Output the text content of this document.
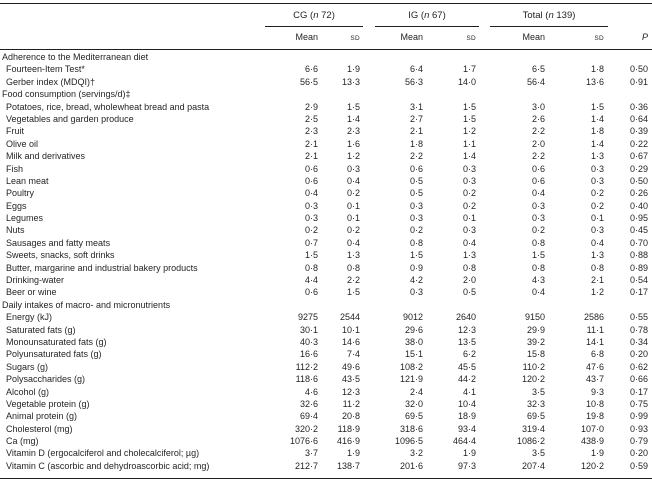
CG (n 72)	IG (n 67)	Total (n 139)
Mean	SD	Mean	SD	Mean	SD	P
Adherence to the Mediterranean diet
Fourteen-Item Test*	6·6	1·9	6·4	1·7	6·5	1·8	0·50
Gerber index (MDQI)†	56·5	13·3	56·3	14·0	56·4	13·6	0·91
Food consumption (servings/d)‡
Potatoes, rice, bread, wholewheat bread and pasta	2·9	1·5	3·1	1·5	3·0	1·5	0·36
Vegetables and garden produce	2·5	1·4	2·7	1·5	2·6	1·4	0·64
Fruit	2·3	2·3	2·1	1·2	2·2	1·8	0·39
Olive oil	2·1	1·6	1·8	1·1	2·0	1·4	0·22
Milk and derivatives	2·1	1·2	2·2	1·4	2·2	1·3	0·67
Fish	0·6	0·3	0·6	0·3	0·6	0·3	0·29
Lean meat	0·6	0·4	0·5	0·3	0·6	0·3	0·50
Poultry	0·4	0·2	0·5	0·2	0·4	0·2	0·26
Eggs	0·3	0·1	0·3	0·2	0·3	0·2	0·40
Legumes	0·3	0·1	0·3	0·1	0·3	0·1	0·95
Nuts	0·2	0·2	0·2	0·3	0·2	0·3	0·45
Sausages and fatty meats	0·7	0·4	0·8	0·4	0·8	0·4	0·70
Sweets, snacks, soft drinks	1·5	1·3	1·5	1·3	1·5	1·3	0·88
Butter, margarine and industrial bakery products	0·8	0·8	0·9	0·8	0·8	0·8	0·89
Drinking-water	4·4	2·2	4·2	2·0	4·3	2·1	0·54
Beer or wine	0·6	1·5	0·3	0·5	0·4	1·2	0·17
Daily intakes of macro- and micronutrients
Energy (kJ)	9275	2544	9012	2640	9150	2586	0·55
Saturated fats (g)	30·1	10·1	29·6	12·3	29·9	11·1	0·78
Monounsaturated fats (g)	40·3	14·6	38·0	13·5	39·2	14·1	0·34
Polyunsaturated fats (g)	16·6	7·4	15·1	6·2	15·8	6·8	0·20
Sugars (g)	112·2	49·6	108·2	45·5	110·2	47·6	0·62
Polysaccharides (g)	118·6	43·5	121·9	44·2	120·2	43·7	0·66
Alcohol (g)	4·6	12·3	2·4	4·1	3·5	9·3	0·17
Vegetable protein (g)	32·6	11·2	32·0	10·4	32·3	10·8	0·75
Animal protein (g)	69·4	20·8	69·5	18·9	69·5	19·8	0·99
Cholesterol (mg)	320·2	118·9	318·6	93·4	319·4	107·0	0·93
Ca (mg)	1076·6	416·9	1096·5	464·4	1086·2	438·9	0·79
Vitamin D (ergocalciferol and cholecalciferol; µg)	3·7	1·9	3·2	1·9	3·5	1·9	0·20
Vitamin C (ascorbic and dehydroascorbic acid; mg)	212·7	138·7	201·6	97·3	207·4	120·2	0·59
